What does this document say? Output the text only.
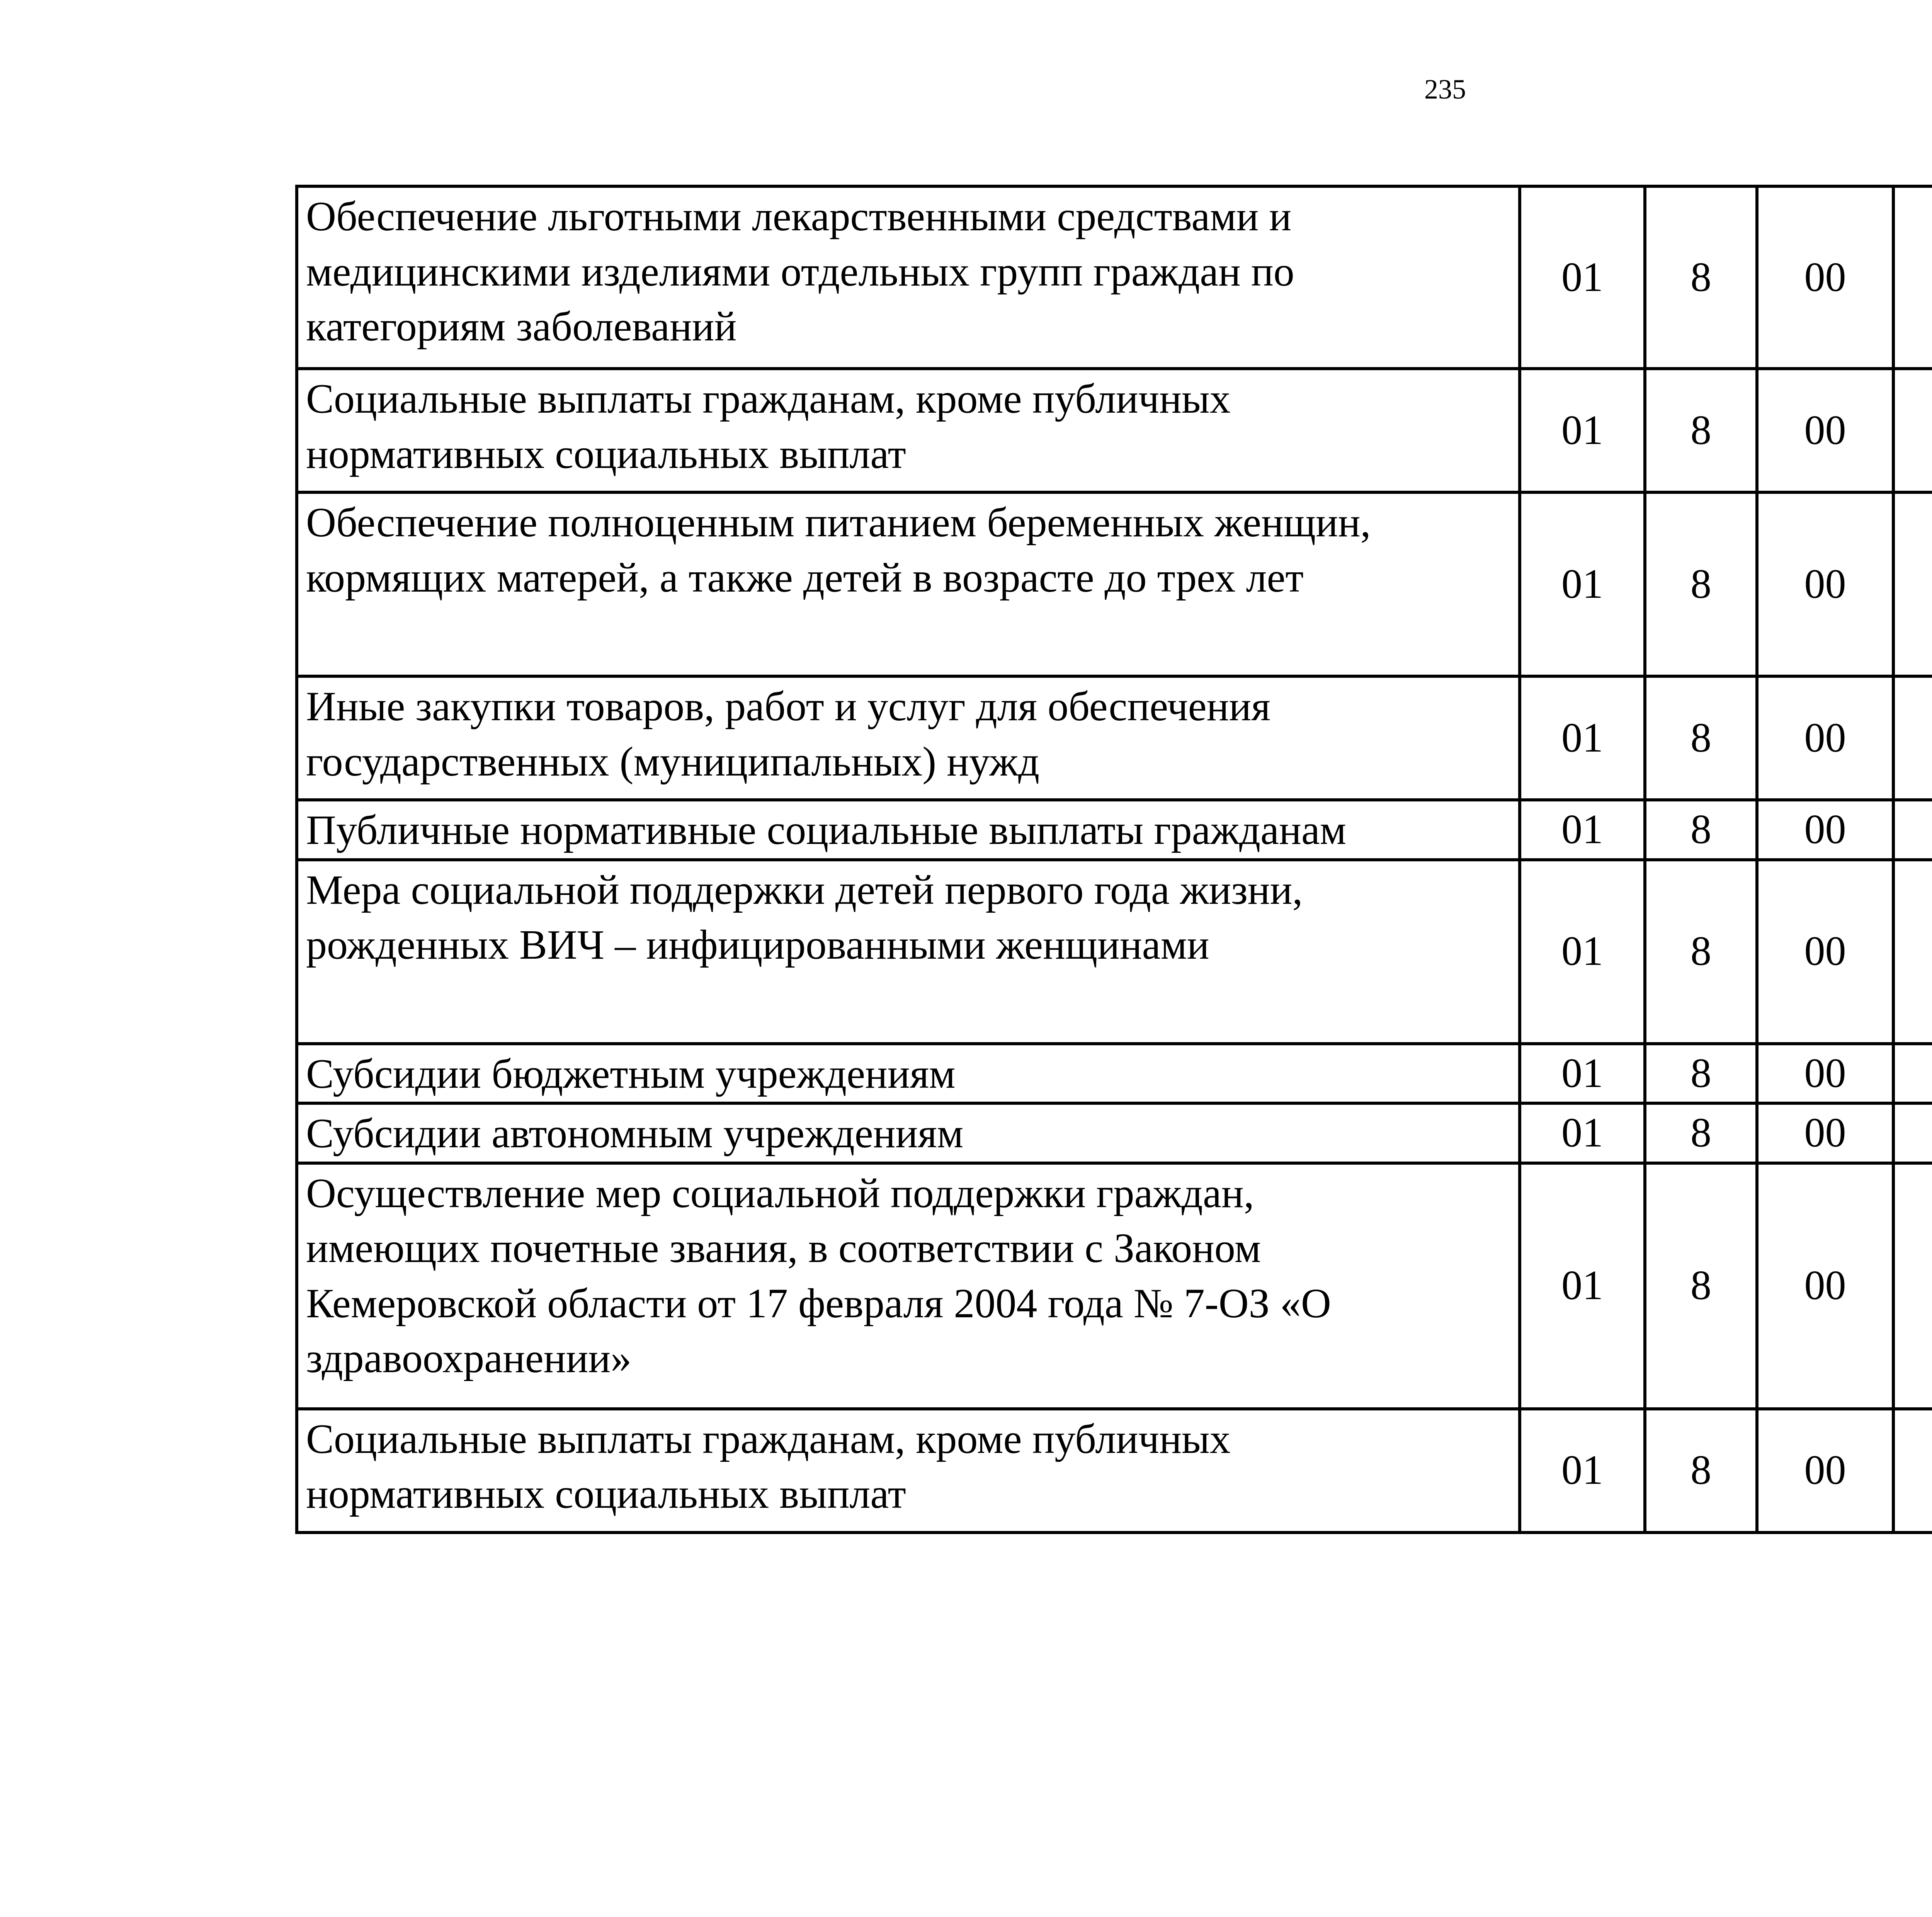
235
Обеспечение льготными лекарственными средствами и
медицинскими изделиями отдельных групп граждан по
категориям заболеваний	01	8	00			

Социальные выплаты гражданам, кроме публичных
нормативных социальных выплат	01	8	00			

Обеспечение полноценным питанием беременных женщин,
кормящих матерей, а также детей в возрасте до трех лет	01	8	00			

Иные закупки товаров, работ и услуг для обеспечения
государственных (муниципальных) нужд	01	8	00			

Публичные нормативные социальные выплаты гражданам	01	8	00			

Мера социальной поддержки детей первого года жизни,
рожденных ВИЧ – инфицированными женщинами	01	8	00			

Субсидии бюджетным учреждениям	01	8	00			

Субсидии автономным учреждениям	01	8	00			

Осуществление мер социальной поддержки граждан,
имеющих почетные звания, в соответствии с Законом
Кемеровской области от 17 февраля 2004 года № 7-ОЗ «О
здравоохранении»	01	8	00			

Социальные выплаты гражданам, кроме публичных
нормативных социальных выплат	01	8	00			
